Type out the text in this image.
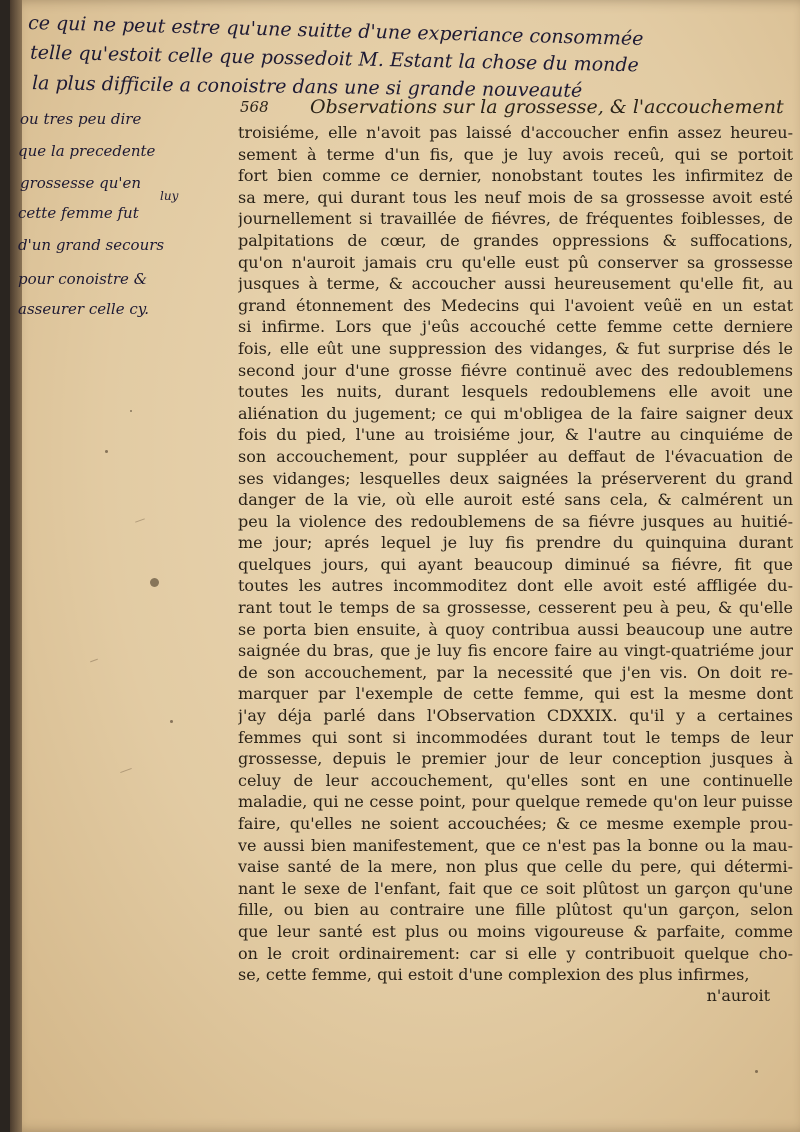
ce qui ne peut estre qu'une suitte d'une experiance consommée
telle qu'estoit celle que possedoit M. Estant la chose du monde
la plus difficile a conoistre dans une si grande nouveauté
ou tres peu dire
que la precedente
grossesse qu'en
luy
cette femme fut
d'un grand secours
pour conoistre &
asseurer celle cy.
568 Observations sur la grossesse, & l'accouchement
troisiéme, elle n'avoit pas laissé d'accoucher enfin assez heureu-
sement à terme d'un fis, que je luy avois receû, qui se portoit
fort bien comme ce dernier, nonobstant toutes les infirmitez de
sa mere, qui durant tous les neuf mois de sa grossesse avoit esté
journellement si travaillée de fiévres, de fréquentes foiblesses, de
palpitations de cœur, de grandes oppressions & suffocations,
qu'on n'auroit jamais cru qu'elle eust pû conserver sa grossesse
jusques à terme, & accoucher aussi heureusement qu'elle fit, au
grand étonnement des Medecins qui l'avoient veûë en un estat
si infirme. Lors que j'eûs accouché cette femme cette derniere
fois, elle eût une suppression des vidanges, & fut surprise dés le
second jour d'une grosse fiévre continuë avec des redoublemens
toutes les nuits, durant lesquels redoublemens elle avoit une
aliénation du jugement; ce qui m'obligea de la faire saigner deux
fois du pied, l'une au troisiéme jour, & l'autre au cinquiéme de
son accouchement, pour suppléer au deffaut de l'évacuation de
ses vidanges; lesquelles deux saignées la préserverent du grand
danger de la vie, où elle auroit esté sans cela, & calmérent un
peu la violence des redoublemens de sa fiévre jusques au huitié-
me jour; aprés lequel je luy fis prendre du quinquina durant
quelques jours, qui ayant beaucoup diminué sa fiévre, fit que
toutes les autres incommoditez dont elle avoit esté affligée du-
rant tout le temps de sa grossesse, cesserent peu à peu, & qu'elle
se porta bien ensuite, à quoy contribua aussi beaucoup une autre
saignée du bras, que je luy fis encore faire au vingt-quatriéme jour
de son accouchement, par la necessité que j'en vis. On doit re-
marquer par l'exemple de cette femme, qui est la mesme dont
j'ay déja parlé dans l'Observation CDXXIX. qu'il y a certaines
femmes qui sont si incommodées durant tout le temps de leur
grossesse, depuis le premier jour de leur conception jusques à
celuy de leur accouchement, qu'elles sont en une continuelle
maladie, qui ne cesse point, pour quelque remede qu'on leur puisse
faire, qu'elles ne soient accouchées; & ce mesme exemple prou-
ve aussi bien manifestement, que ce n'est pas la bonne ou la mau-
vaise santé de la mere, non plus que celle du pere, qui détermi-
nant le sexe de l'enfant, fait que ce soit plûtost un garçon qu'une
fille, ou bien au contraire une fille plûtost qu'un garçon, selon
que leur santé est plus ou moins vigoureuse & parfaite, comme
on le croit ordinairement: car si elle y contribuoit quelque cho-
se, cette femme, qui estoit d'une complexion des plus infirmes,
n'auroit
